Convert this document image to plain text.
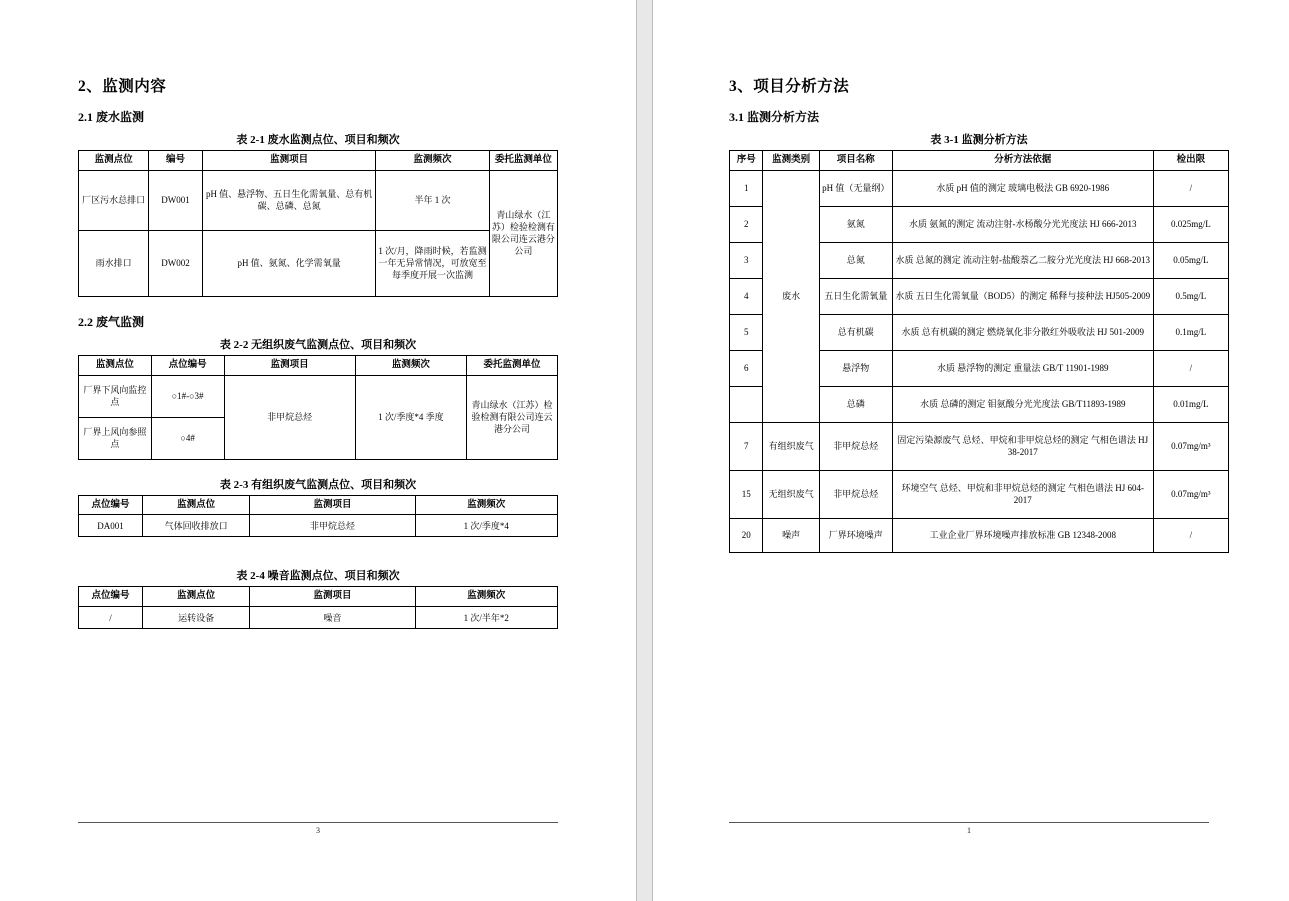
2、监测内容
2.1 废水监测
表 2-1 废水监测点位、项目和频次
监测点位	编号	监测项目	监测频次	委托监测单位
厂区污水总排口	DW001	pH 值、悬浮物、五日生化需氧量、总有机碳、总磷、总氮	半年 1 次	青山绿水（江苏）检验检测有限公司连云港分公司
雨水排口	DW002	pH 值、氨氮、化学需氧量	1 次/月，降雨时候，若监测一年无异常情况，可放宽至每季度开展一次监测	
2.2 废气监测
表 2-2 无组织废气监测点位、项目和频次
监测点位	点位编号	监测项目	监测频次	委托监测单位
厂界下风向监控点	○1#-○3#	非甲烷总烃	1 次/季度*4 季度	青山绿水（江苏）检验检测有限公司连云港分公司
厂界上风向参照点	○4#			
表 2-3 有组织废气监测点位、项目和频次
点位编号	监测点位	监测项目	监测频次
DA001	气体回收排放口	非甲烷总烃	1 次/季度*4
表 2-4 噪音监测点位、项目和频次
点位编号	监测点位	监测项目	监测频次
/	运转设备	噪音	1 次/半年*2
3
3、项目分析方法
3.1 监测分析方法
表 3-1 监测分析方法
序号	监测类别	项目名称	分析方法依据	检出限
1	废水	pH 值（无量纲）	水质 pH 值的测定 玻璃电极法 GB 6920-1986	/
2		氨氮	水质 氨氮的测定 流动注射-水杨酸分光光度法 HJ 666-2013	0.025mg/L
3		总氮	水质 总氮的测定 流动注射-盐酸萘乙二胺分光光度法 HJ 668-2013	0.05mg/L
4		五日生化需氧量	水质 五日生化需氧量（BOD5）的测定 稀释与接种法 HJ505-2009	0.5mg/L
5		总有机碳	水质 总有机碳的测定 燃烧氧化非分散红外吸收法 HJ 501-2009	0.1mg/L
6		悬浮物	水质 悬浮物的测定 重量法 GB/T 11901-1989	/
		总磷	水质 总磷的测定 钼氨酸分光光度法 GB/T11893-1989	0.01mg/L
7	有组织废气	非甲烷总烃	固定污染源废气 总烃、甲烷和非甲烷总烃的测定 气相色谱法 HJ 38-2017	0.07mg/m³
15	无组织废气	非甲烷总烃	环境空气 总烃、甲烷和非甲烷总烃的测定 气相色谱法 HJ 604-2017	0.07mg/m³
20	噪声	厂界环境噪声	工业企业厂界环境噪声排放标准 GB 12348-2008	/
1
